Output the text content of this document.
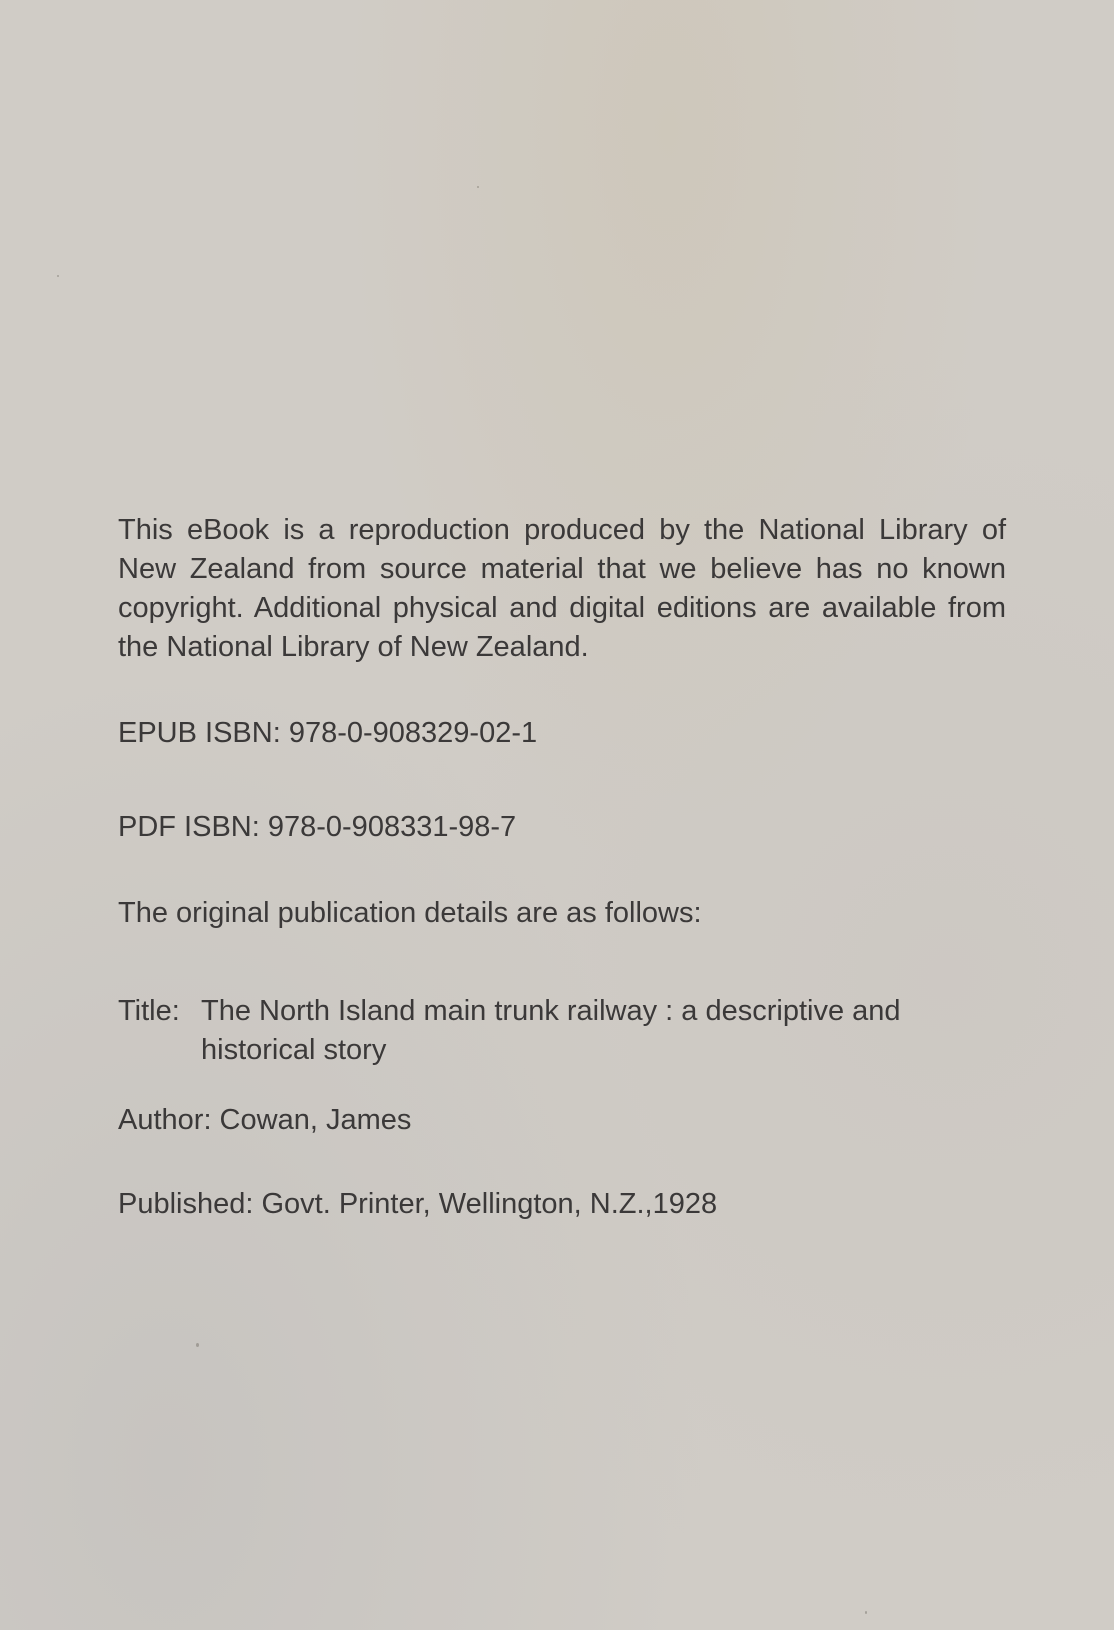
This eBook is a reproduction produced by the National Library of New Zealand from source material that we believe has no known copyright. Additional physical and digital editions are available from the National Library of New Zealand.
EPUB ISBN: 978-0-908329-02-1
PDF ISBN: 978-0-908331-98-7
The original publication details are as follows:
Title: The North Island main trunk railway : a descriptive and historical story
Author: Cowan, James
Published: Govt. Printer, Wellington, N.Z.,1928
